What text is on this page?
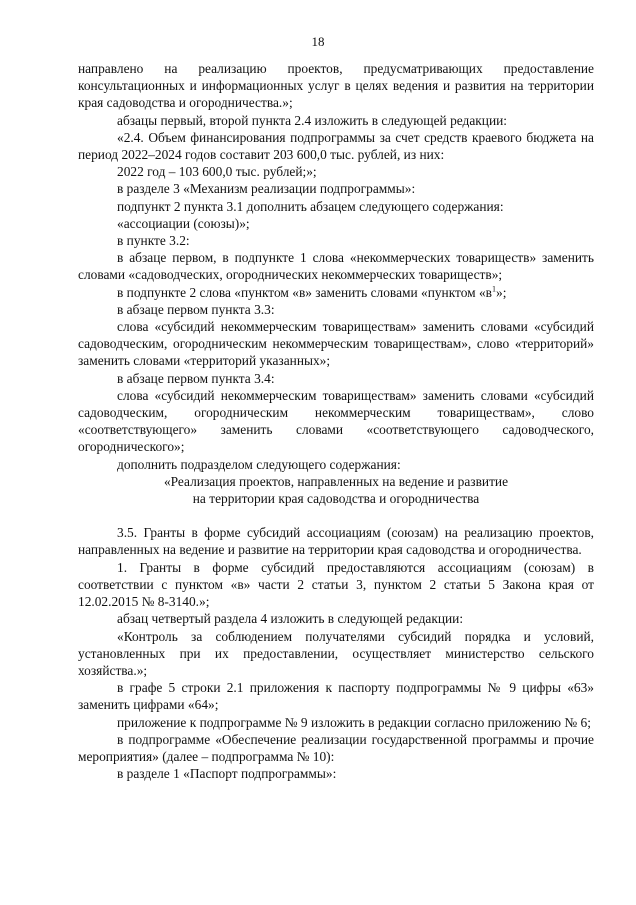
18

направлено на реализацию проектов, предусматривающих предоставление консультационных и информационных услуг в целях ведения и развития на территории края садоводства и огородничества.»;

абзацы первый, второй пункта 2.4 изложить в следующей редакции:

«2.4. Объем финансирования подпрограммы за счет средств краевого бюджета на период 2022–2024 годов составит 203 600,0 тыс. рублей, из них:

2022 год – 103 600,0 тыс. рублей;»;

в разделе 3 «Механизм реализации подпрограммы»:

подпункт 2 пункта 3.1 дополнить абзацем следующего содержания:

«ассоциации (союзы)»;

в пункте 3.2:

в абзаце первом, в подпункте 1 слова «некоммерческих товариществ» заменить словами «садоводческих, огороднических некоммерческих товариществ»;

в подпункте 2 слова «пунктом «в» заменить словами «пунктом «$в^1$»;

в абзаце первом пункта 3.3:

слова «субсидий некоммерческим товариществам» заменить словами «субсидий садоводческим, огородническим некоммерческим товариществам», слово «территорий» заменить словами «территорий указанных»;

в абзаце первом пункта 3.4:

слова «субсидий некоммерческим товариществам» заменить словами «субсидий садоводческим, огородническим некоммерческим товариществам», слово «соответствующего» заменить словами «соответствующего садоводческого, огороднического»;

дополнить подразделом следующего содержания:

«Реализация проектов, направленных на ведение и развитие

на территории края садоводства и огородничества

3.5. Гранты в форме субсидий ассоциациям (союзам) на реализацию проектов, направленных на ведение и развитие на территории края садоводства и огородничества.

1. Гранты в форме субсидий предоставляются ассоциациям (союзам) в соответствии с пунктом «в» части 2 статьи 3, пунктом 2 статьи 5 Закона края от 12.02.2015 № 8-3140.»;

абзац четвертый раздела 4 изложить в следующей редакции:

«Контроль за соблюдением получателями субсидий порядка и условий, установленных при их предоставлении, осуществляет министерство сельского хозяйства.»;

в графе 5 строки 2.1 приложения к паспорту подпрограммы № 9 цифры «63» заменить цифрами «64»;

приложение к подпрограмме № 9 изложить в редакции согласно приложению № 6;

в подпрограмме «Обеспечение реализации государственной программы и прочие мероприятия» (далее – подпрограмма № 10):

в разделе 1 «Паспорт подпрограммы»:
